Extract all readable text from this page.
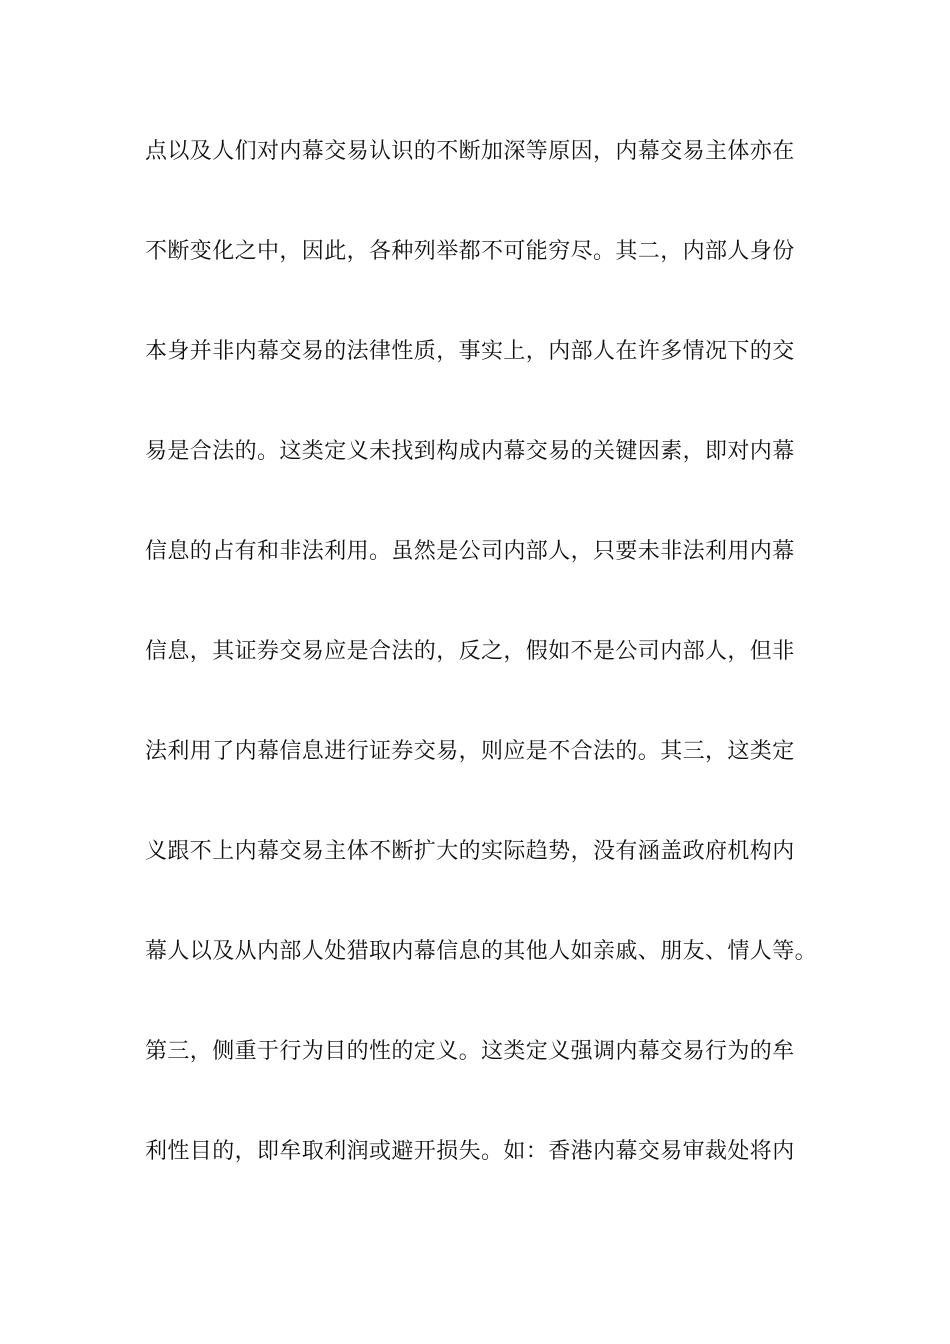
点以及人们对内幕交易认识的不断加深等原因，内幕交易主体亦在
不断变化之中，因此，各种列举都不可能穷尽。其二，内部人身份
本身并非内幕交易的法律性质，事实上，内部人在许多情况下的交
易是合法的。这类定义未找到构成内幕交易的关键因素，即对内幕
信息的占有和非法利用。虽然是公司内部人，只要未非法利用内幕
信息，其证券交易应是合法的，反之，假如不是公司内部人，但非
法利用了内幕信息进行证券交易，则应是不合法的。其三，这类定
义跟不上内幕交易主体不断扩大的实际趋势，没有涵盖政府机构内
幕人以及从内部人处猎取内幕信息的其他人如亲戚、朋友、情人等。
第三，侧重于行为目的性的定义。这类定义强调内幕交易行为的牟
利性目的，即牟取利润或避开损失。如：香港内幕交易审裁处将内
